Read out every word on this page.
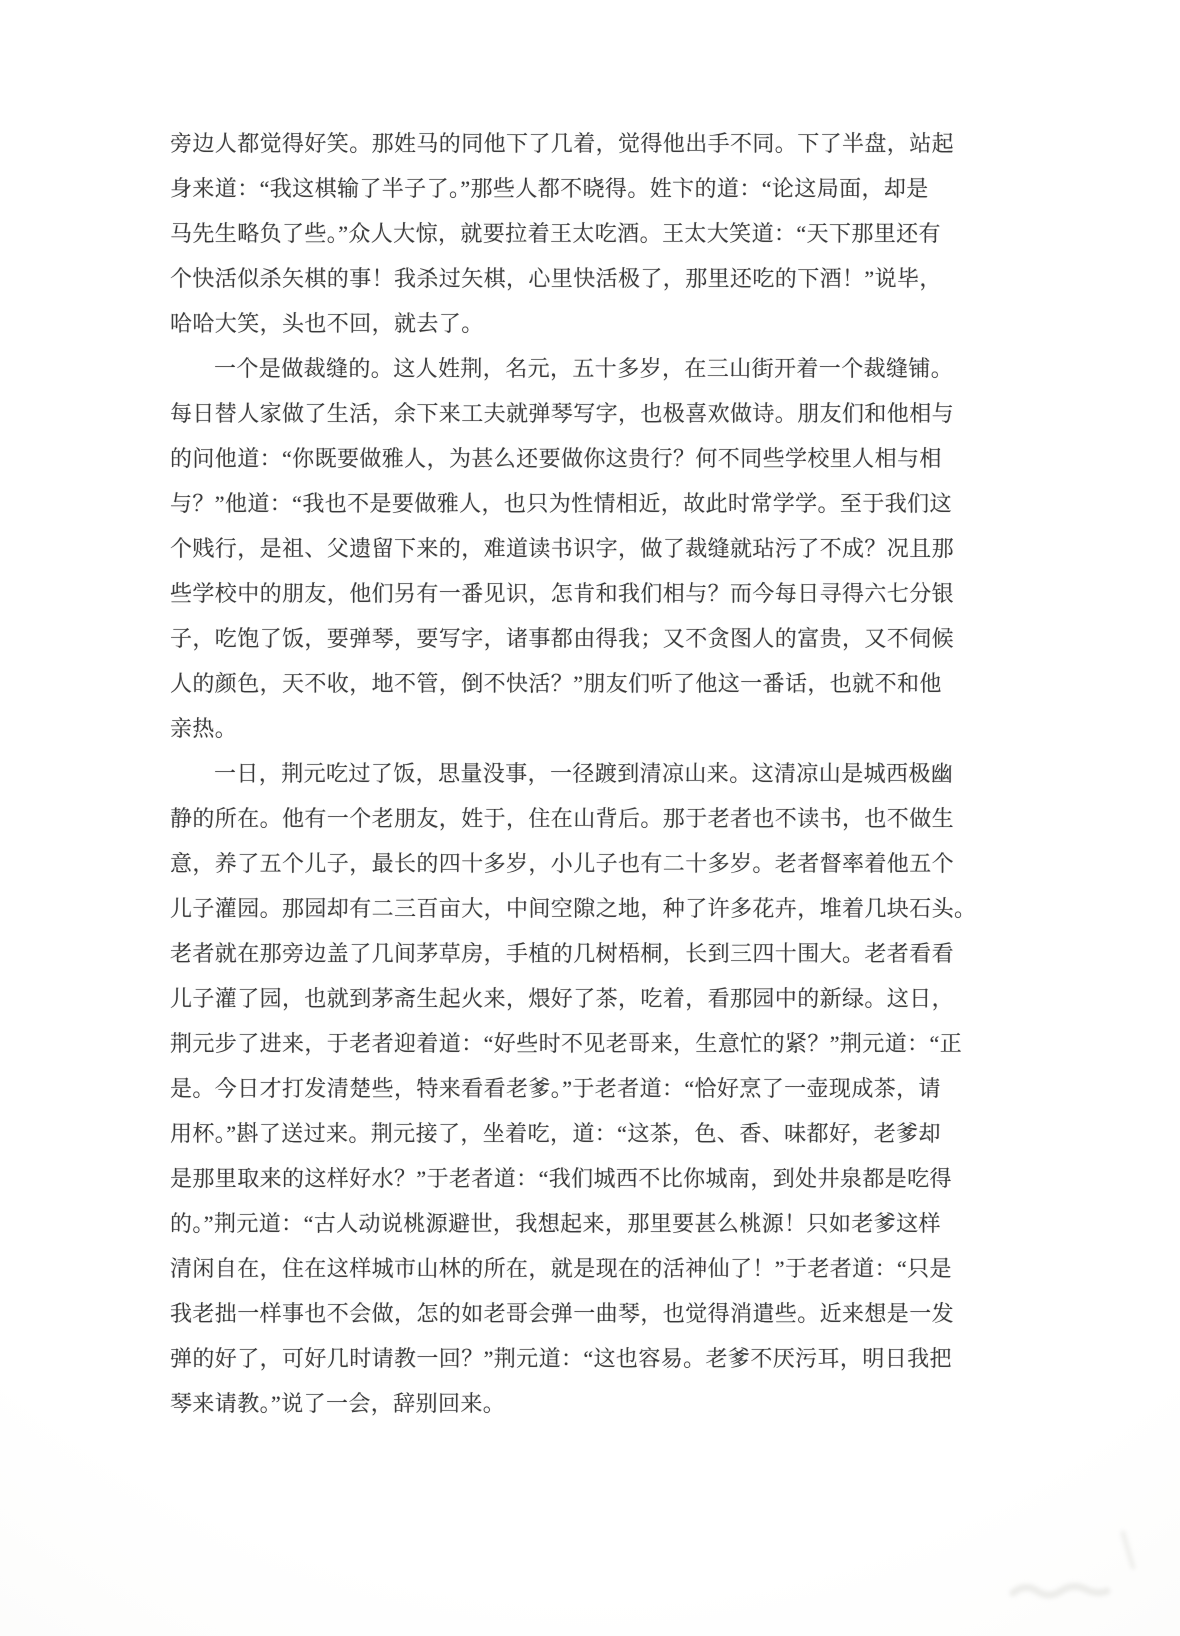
旁边人都觉得好笑。那姓马的同他下了几着，觉得他出手不同。下了半盘，站起
身来道：“我这棋输了半子了。”那些人都不晓得。姓卞的道：“论这局面，却是
马先生略负了些。”众人大惊，就要拉着王太吃酒。王太大笑道：“天下那里还有
个快活似杀矢棋的事！我杀过矢棋，心里快活极了，那里还吃的下酒！”说毕，
哈哈大笑，头也不回，就去了。
一个是做裁缝的。这人姓荆，名元，五十多岁，在三山街开着一个裁缝铺。
每日替人家做了生活，余下来工夫就弹琴写字，也极喜欢做诗。朋友们和他相与
的问他道：“你既要做雅人，为甚么还要做你这贵行？何不同些学校里人相与相
与？”他道：“我也不是要做雅人，也只为性情相近，故此时常学学。至于我们这
个贱行，是祖、父遗留下来的，难道读书识字，做了裁缝就玷污了不成？况且那
些学校中的朋友，他们另有一番见识，怎肯和我们相与？而今每日寻得六七分银
子，吃饱了饭，要弹琴，要写字，诸事都由得我；又不贪图人的富贵，又不伺候
人的颜色，天不收，地不管，倒不快活？”朋友们听了他这一番话，也就不和他
亲热。
一日，荆元吃过了饭，思量没事，一径踱到清凉山来。这清凉山是城西极幽
静的所在。他有一个老朋友，姓于，住在山背后。那于老者也不读书，也不做生
意，养了五个儿子，最长的四十多岁，小儿子也有二十多岁。老者督率着他五个
儿子灌园。那园却有二三百亩大，中间空隙之地，种了许多花卉，堆着几块石头。
老者就在那旁边盖了几间茅草房，手植的几树梧桐，长到三四十围大。老者看看
儿子灌了园，也就到茅斋生起火来，煨好了茶，吃着，看那园中的新绿。这日，
荆元步了进来，于老者迎着道：“好些时不见老哥来，生意忙的紧？”荆元道：“正
是。今日才打发清楚些，特来看看老爹。”于老者道：“恰好烹了一壶现成茶，请
用杯。”斟了送过来。荆元接了，坐着吃，道：“这茶，色、香、味都好，老爹却
是那里取来的这样好水？”于老者道：“我们城西不比你城南，到处井泉都是吃得
的。”荆元道：“古人动说桃源避世，我想起来，那里要甚么桃源！只如老爹这样
清闲自在，住在这样城市山林的所在，就是现在的活神仙了！”于老者道：“只是
我老拙一样事也不会做，怎的如老哥会弹一曲琴，也觉得消遣些。近来想是一发
弹的好了，可好几时请教一回？”荆元道：“这也容易。老爹不厌污耳，明日我把
琴来请教。”说了一会，辞别回来。
